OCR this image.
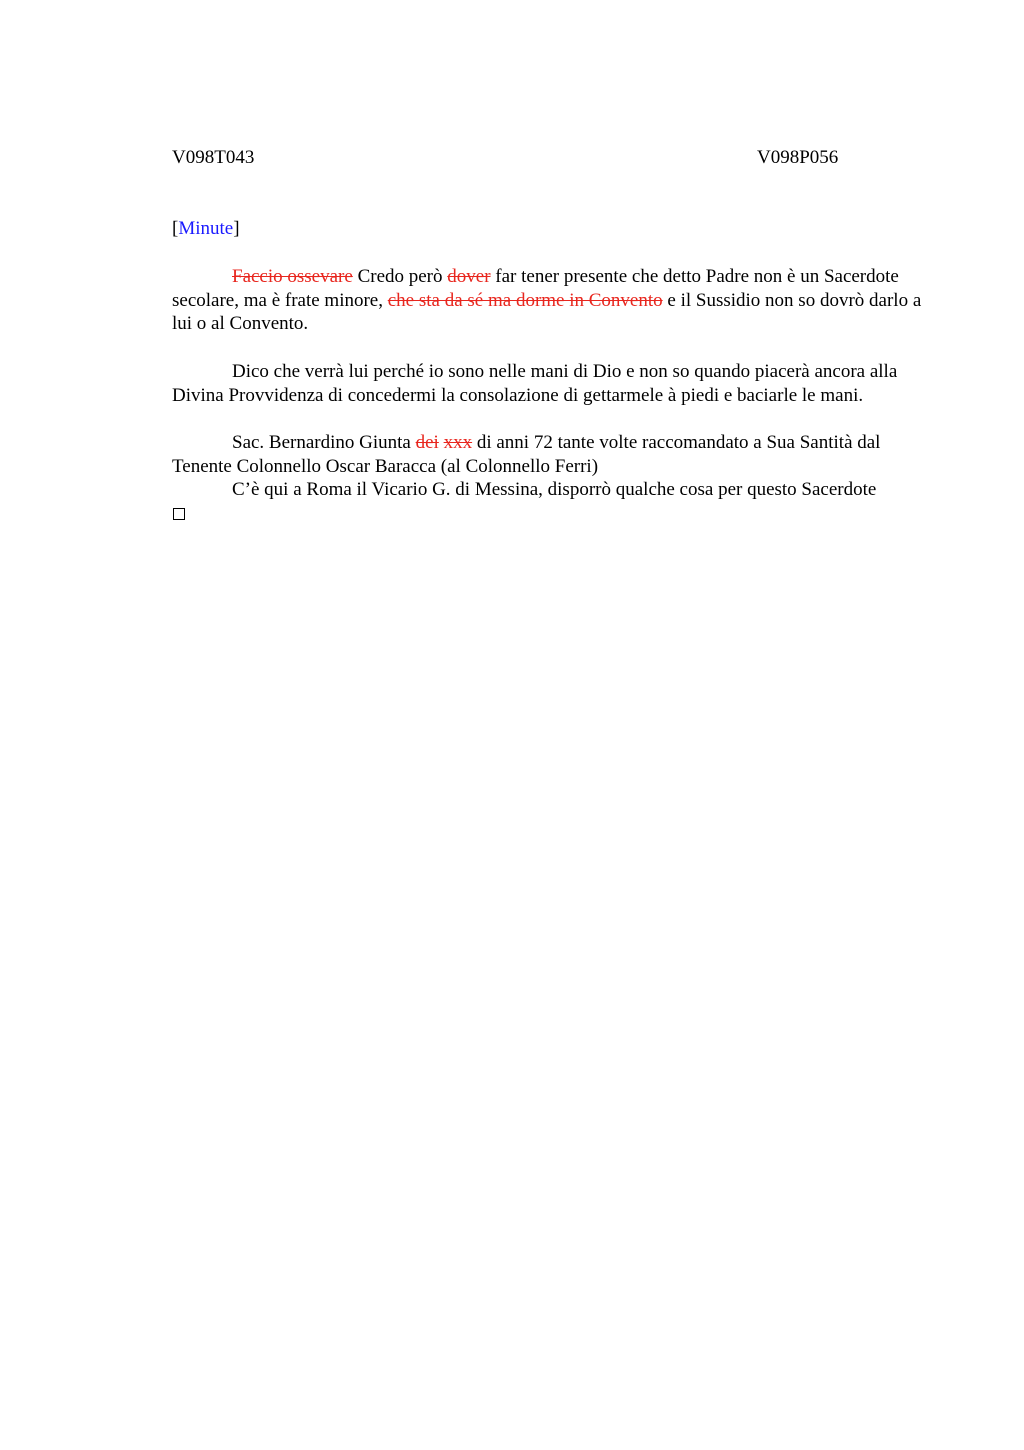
V098T043	V098P056
[Minute]

Faccio ossevare Credo però dover far tener presente che detto Padre non è un Sacerdote secolare, ma è frate minore, che sta da sé ma dorme in Convento e il Sussidio non so dovrò darlo a lui o al Convento.

Dico che verrà lui perché io sono nelle mani di Dio e non so quando piacerà ancora alla Divina Provvidenza di concedermi la consolazione di gettarmele à piedi e baciarle le mani.

Sac. Bernardino Giunta dei xxx di anni 72 tante volte raccomandato a Sua Santità dal Tenente Colonnello Oscar Baracca (al Colonnello Ferri)

C’è qui a Roma il Vicario G. di Messina, disporrò qualche cosa per questo Sacerdote
